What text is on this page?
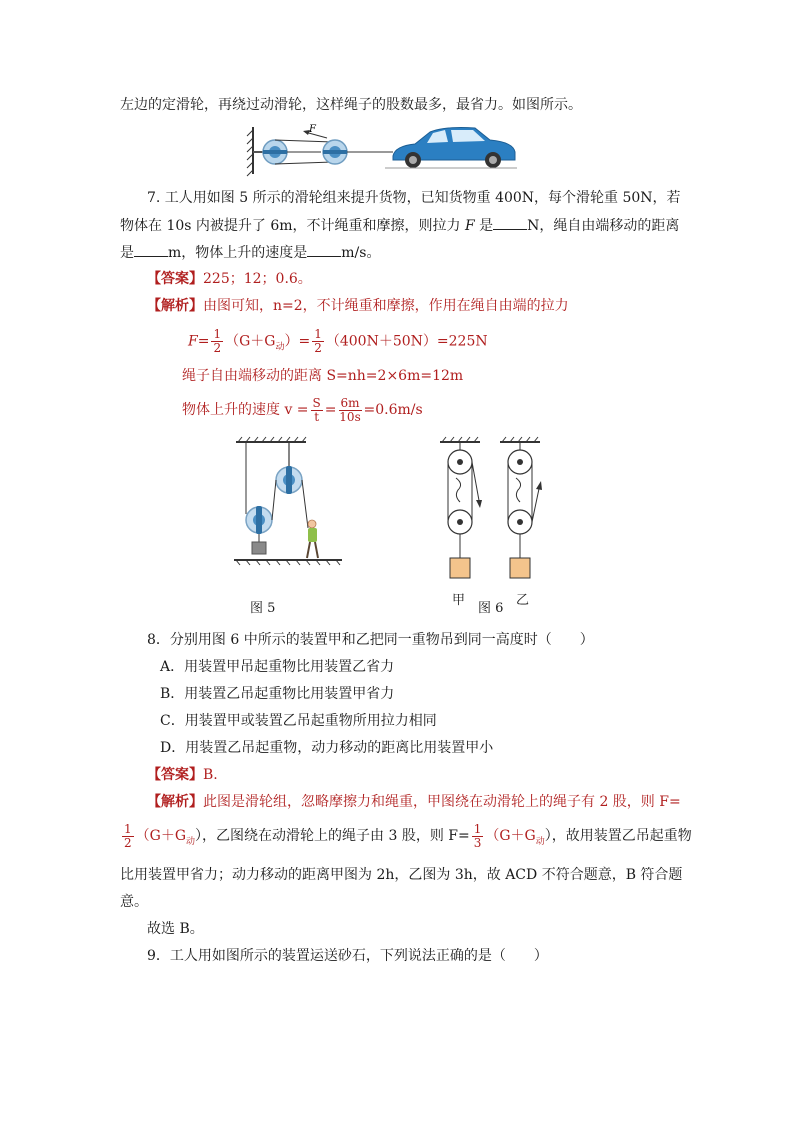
左边的定滑轮，再绕过动滑轮，这样绳子的股数最多，最省力。如图所示。
F
7. 工人用如图 5 所示的滑轮组来提升货物，已知货物重 400N，每个滑轮重 50N，若
物体在 10s 内被提升了 6m，不计绳重和摩擦，则拉力 F 是 N，绳自由端移动的距离
是 m，物体上升的速度是 m/s。
【答案】225；12；0.6。
【解析】由图可知，n=2，不计绳重和摩擦，作用在绳自由端的拉力
$F= \frac{1}{2} (G+G_动)= \frac{1}{2} (400N+50N)=225N$
绳子自由端移动的距离 S=nh=2×6m=12m
物体上升的速度 $v = \frac{S}{t} = \frac{6m}{10s} =0.6m/s$
图 5
甲
图 6
乙
8．分别用图 6 中所示的装置甲和乙把同一重物吊到同一高度时（　　）
A．用装置甲吊起重物比用装置乙省力
B．用装置乙吊起重物比用装置甲省力
C．用装置甲或装置乙吊起重物所用拉力相同
D．用装置乙吊起重物，动力移动的距离比用装置甲小
【答案】B.
【解析】此图是滑轮组，忽略摩擦力和绳重，甲图绕在动滑轮上的绳子有 2 股，则 F=
$\frac{1}{2} (G+G_动)$，乙图绕在动滑轮上的绳子由 3 股，则 $F= \frac{1}{3} (G+G_动)$，故用装置乙吊起重物
比用装置甲省力；动力移动的距离甲图为 2h，乙图为 3h，故 ACD 不符合题意，B 符合题
意。
故选 B。
9．工人用如图所示的装置运送砂石，下列说法正确的是（　　）
